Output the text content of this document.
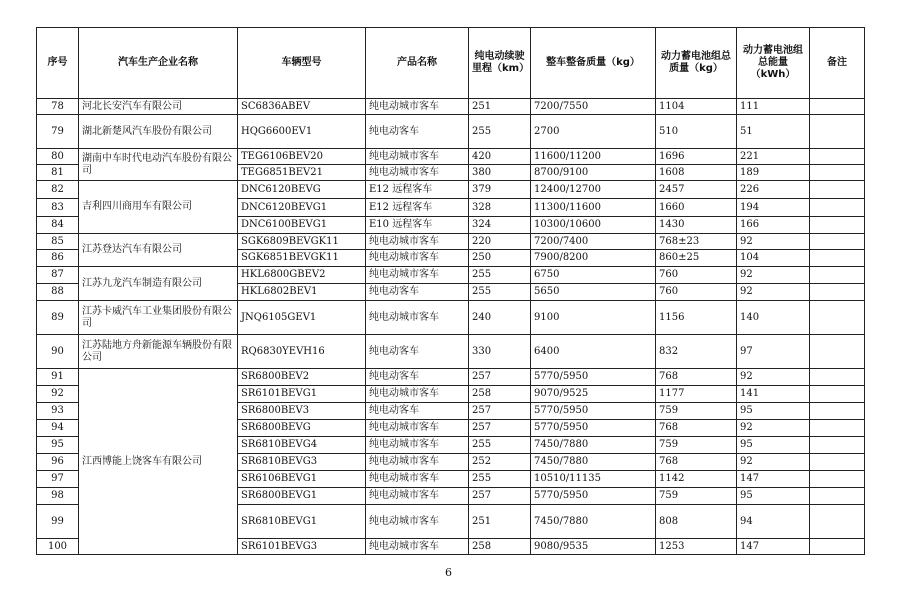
序号	汽车生产企业名称	车辆型号	产品名称	纯电动续驶里程（km）	整车整备质量（kg）	动力蓄电池组总质量（kg）	动力蓄电池组总能量（kWh）	备注
78	河北长安汽车有限公司	SC6836ABEV	纯电动城市客车	251	7200/7550	1104	111	
79	湖北新楚风汽车股份有限公司	HQG6600EV1	纯电动客车	255	2700	510	51	
80	湖南中车时代电动汽车股份有限公司	TEG6106BEV20	纯电动城市客车	420	11600/11200	1696	221	
81		TEG6851BEV21	纯电动城市客车	380	8700/9100	1608	189	
82	吉利四川商用车有限公司	DNC6120BEVG	E12 远程客车	379	12400/12700	2457	226	
83		DNC6120BEVG1	E12 远程客车	328	11300/11600	1660	194	
84		DNC6100BEVG1	E10 远程客车	324	10300/10600	1430	166	
85	江苏登达汽车有限公司	SGK6809BEVGK11	纯电动城市客车	220	7200/7400	768±23	92	
86		SGK6851BEVGK11	纯电动城市客车	250	7900/8200	860±25	104	
87	江苏九龙汽车制造有限公司	HKL6800GBEV2	纯电动城市客车	255	6750	760	92	
88		HKL6802BEV1	纯电动客车	255	5650	760	92	
89	江苏卡威汽车工业集团股份有限公司	JNQ6105GEV1	纯电动城市客车	240	9100	1156	140	
90	江苏陆地方舟新能源车辆股份有限公司	RQ6830YEVH16	纯电动客车	330	6400	832	97	
91	江西博能上饶客车有限公司	SR6800BEV2	纯电动客车	257	5770/5950	768	92	
92		SR6101BEVG1	纯电动城市客车	258	9070/9525	1177	141	
93		SR6800BEV3	纯电动客车	257	5770/5950	759	95	
94		SR6800BEVG	纯电动城市客车	257	5770/5950	768	92	
95		SR6810BEVG4	纯电动城市客车	255	7450/7880	759	95	
96		SR6810BEVG3	纯电动城市客车	252	7450/7880	768	92	
97		SR6106BEVG1	纯电动城市客车	255	10510/11135	1142	147	
98		SR6800BEVG1	纯电动城市客车	257	5770/5950	759	95	
99		SR6810BEVG1	纯电动城市客车	251	7450/7880	808	94	
100		SR6101BEVG3	纯电动城市客车	258	9080/9535	1253	147	
6
